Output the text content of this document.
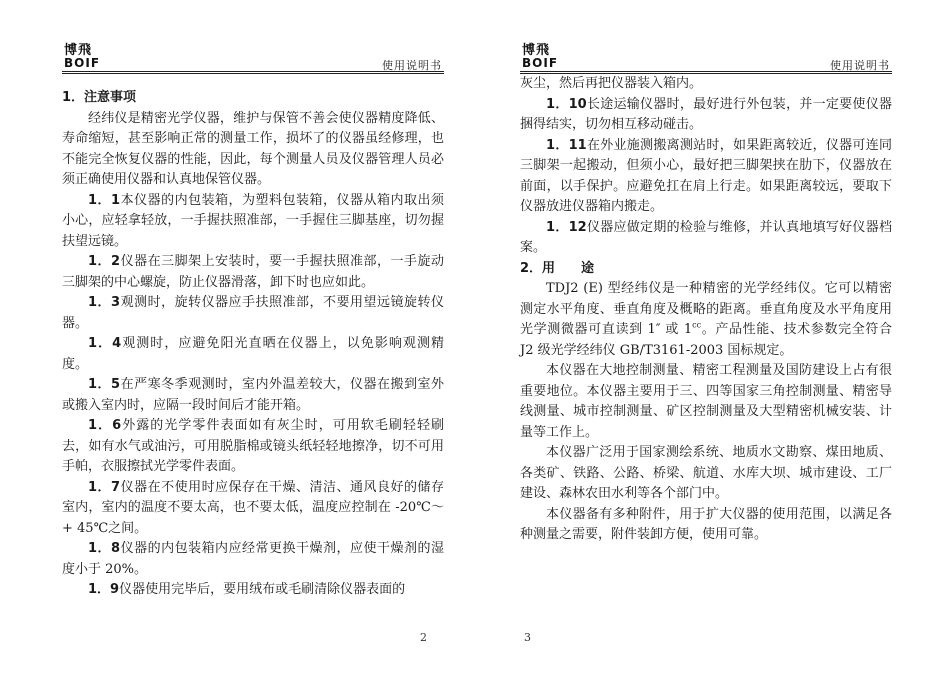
博飛
BOIF	使用说明书

1．注意事项

经纬仪是精密光学仪器，维护与保管不善会使仪器精度降低、寿命缩短，甚至影响正常的测量工作，损坏了的仪器虽经修理，也不能完全恢复仪器的性能，因此，每个测量人员及仪器管理人员必须正确使用仪器和认真地保管仪器。

1．1本仪器的内包装箱，为塑料包装箱，仪器从箱内取出须小心，应轻拿轻放，一手握扶照准部，一手握住三脚基座，切勿握扶望远镜。

1．2仪器在三脚架上安装时，要一手握扶照准部，一手旋动三脚架的中心螺旋，防止仪器滑落，卸下时也应如此。

1．3观测时，旋转仪器应手扶照准部，不要用望远镜旋转仪器。

1．4观测时，应避免阳光直晒在仪器上，以免影响观测精度。

1．5在严寒冬季观测时，室内外温差较大，仪器在搬到室外或搬入室内时，应隔一段时间后才能开箱。

1．6外露的光学零件表面如有灰尘时，可用软毛刷轻轻刷去，如有水气或油污，可用脱脂棉或镜头纸轻轻地擦净，切不可用手帕，衣服擦拭光学零件表面。

1．7仪器在不使用时应保存在干燥、清洁、通风良好的储存室内，室内的温度不要太高，也不要太低，温度应控制在 -20℃～+ 45℃之间。

1．8仪器的内包装箱内应经常更换干燥剂，应使干燥剂的湿度小于 20%。

1．9仪器使用完毕后，要用绒布或毛刷清除仪器表面的

2
博飛
BOIF	使用说明书

灰尘，然后再把仪器装入箱内。

1．10长途运输仪器时，最好进行外包装，并一定要使仪器捆得结实，切勿相互移动碰击。

1．11在外业施测搬离测站时，如果距离较近，仪器可连同三脚架一起搬动，但须小心，最好把三脚架挟在肋下，仪器放在前面，以手保护。应避免扛在肩上行走。如果距离较远，要取下仪器放进仪器箱内搬走。

1．12仪器应做定期的检验与维修，并认真地填写好仪器档案。

2．用　　途

TDJ2 (E) 型经纬仪是一种精密的光学经纬仪。它可以精密测定水平角度、垂直角度及概略的距离。垂直角度及水平角度用光学测微器可直读到 1″ 或 $1^{cc}$。产品性能、技术参数完全符合 J2 级光学经纬仪 GB/T3161-2003 国标规定。

本仪器在大地控制测量、精密工程测量及国防建设上占有很重要地位。本仪器主要用于三、四等国家三角控制测量、精密导线测量、城市控制测量、矿区控制测量及大型精密机械安装、计量等工作上。

本仪器广泛用于国家测绘系统、地质水文勘察、煤田地质、各类矿、铁路、公路、桥梁、航道、水库大坝、城市建设、工厂建设、森林农田水利等各个部门中。

本仪器备有多种附件，用于扩大仪器的使用范围，以满足各种测量之需要，附件装卸方便，使用可靠。

3
